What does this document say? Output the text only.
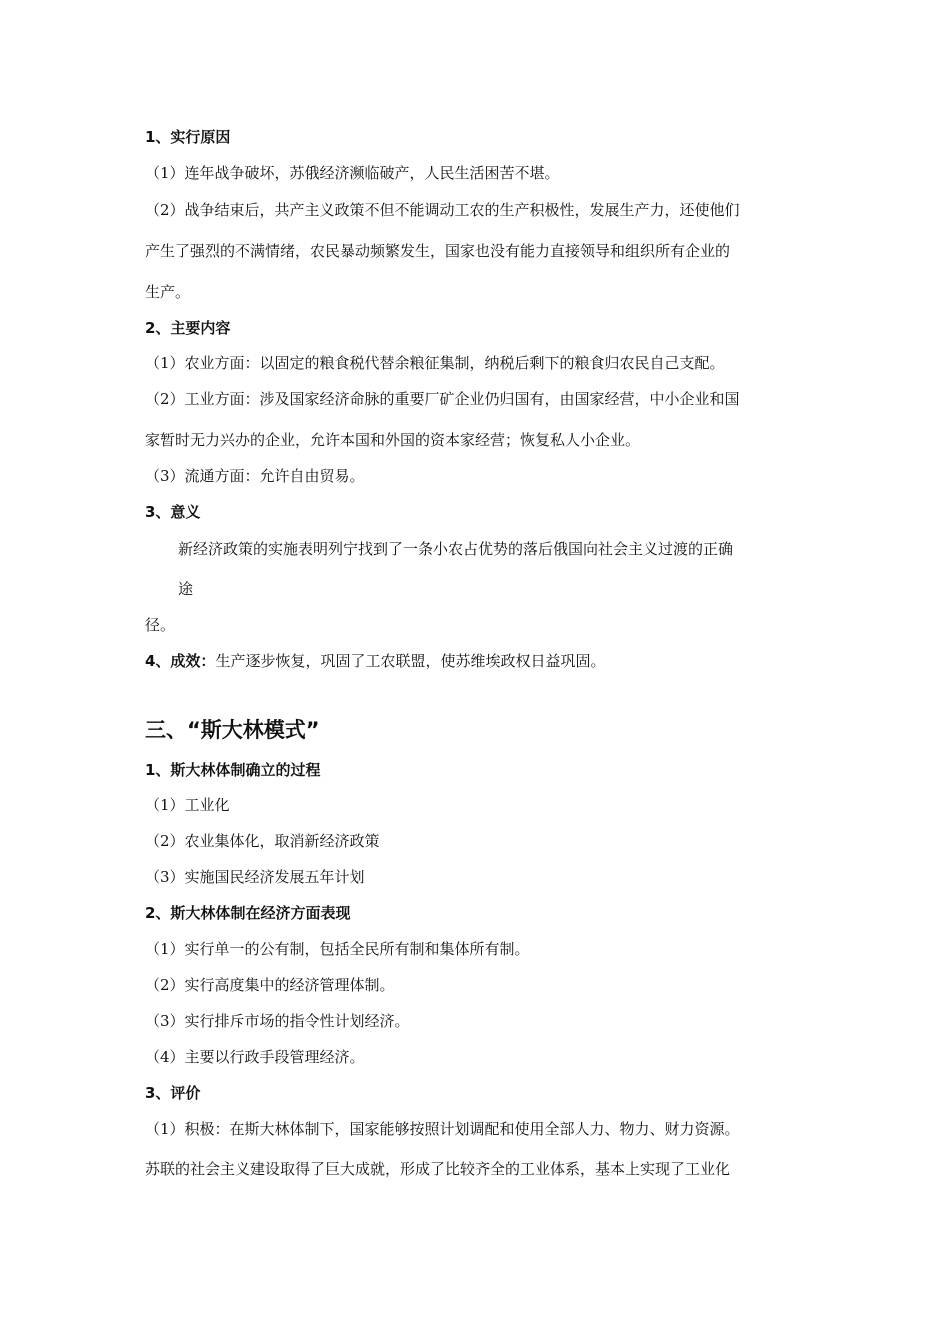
1、实行原因
（1）连年战争破坏，苏俄经济濒临破产，人民生活困苦不堪。
（2）战争结束后，共产主义政策不但不能调动工农的生产积极性，发展生产力，还使他们
产生了强烈的不满情绪，农民暴动频繁发生，国家也没有能力直接领导和组织所有企业的
生产。
2、主要内容
（1）农业方面：以固定的粮食税代替余粮征集制，纳税后剩下的粮食归农民自己支配。
（2）工业方面：涉及国家经济命脉的重要厂矿企业仍归国有，由国家经营，中小企业和国
家暂时无力兴办的企业，允许本国和外国的资本家经营；恢复私人小企业。
（3）流通方面：允许自由贸易。
3、意义
新经济政策的实施表明列宁找到了一条小农占优势的落后俄国向社会主义过渡的正确
途
径。
4、成效：生产逐步恢复，巩固了工农联盟，使苏维埃政权日益巩固。
三、“斯大林模式”
1、斯大林体制确立的过程
（1）工业化
（2）农业集体化，取消新经济政策
（3）实施国民经济发展五年计划
2、斯大林体制在经济方面表现
（1）实行单一的公有制，包括全民所有制和集体所有制。
（2）实行高度集中的经济管理体制。
（3）实行排斥市场的指令性计划经济。
（4）主要以行政手段管理经济。
3、评价
（1）积极：在斯大林体制下，国家能够按照计划调配和使用全部人力、物力、财力资源。
苏联的社会主义建设取得了巨大成就，形成了比较齐全的工业体系，基本上实现了工业化
